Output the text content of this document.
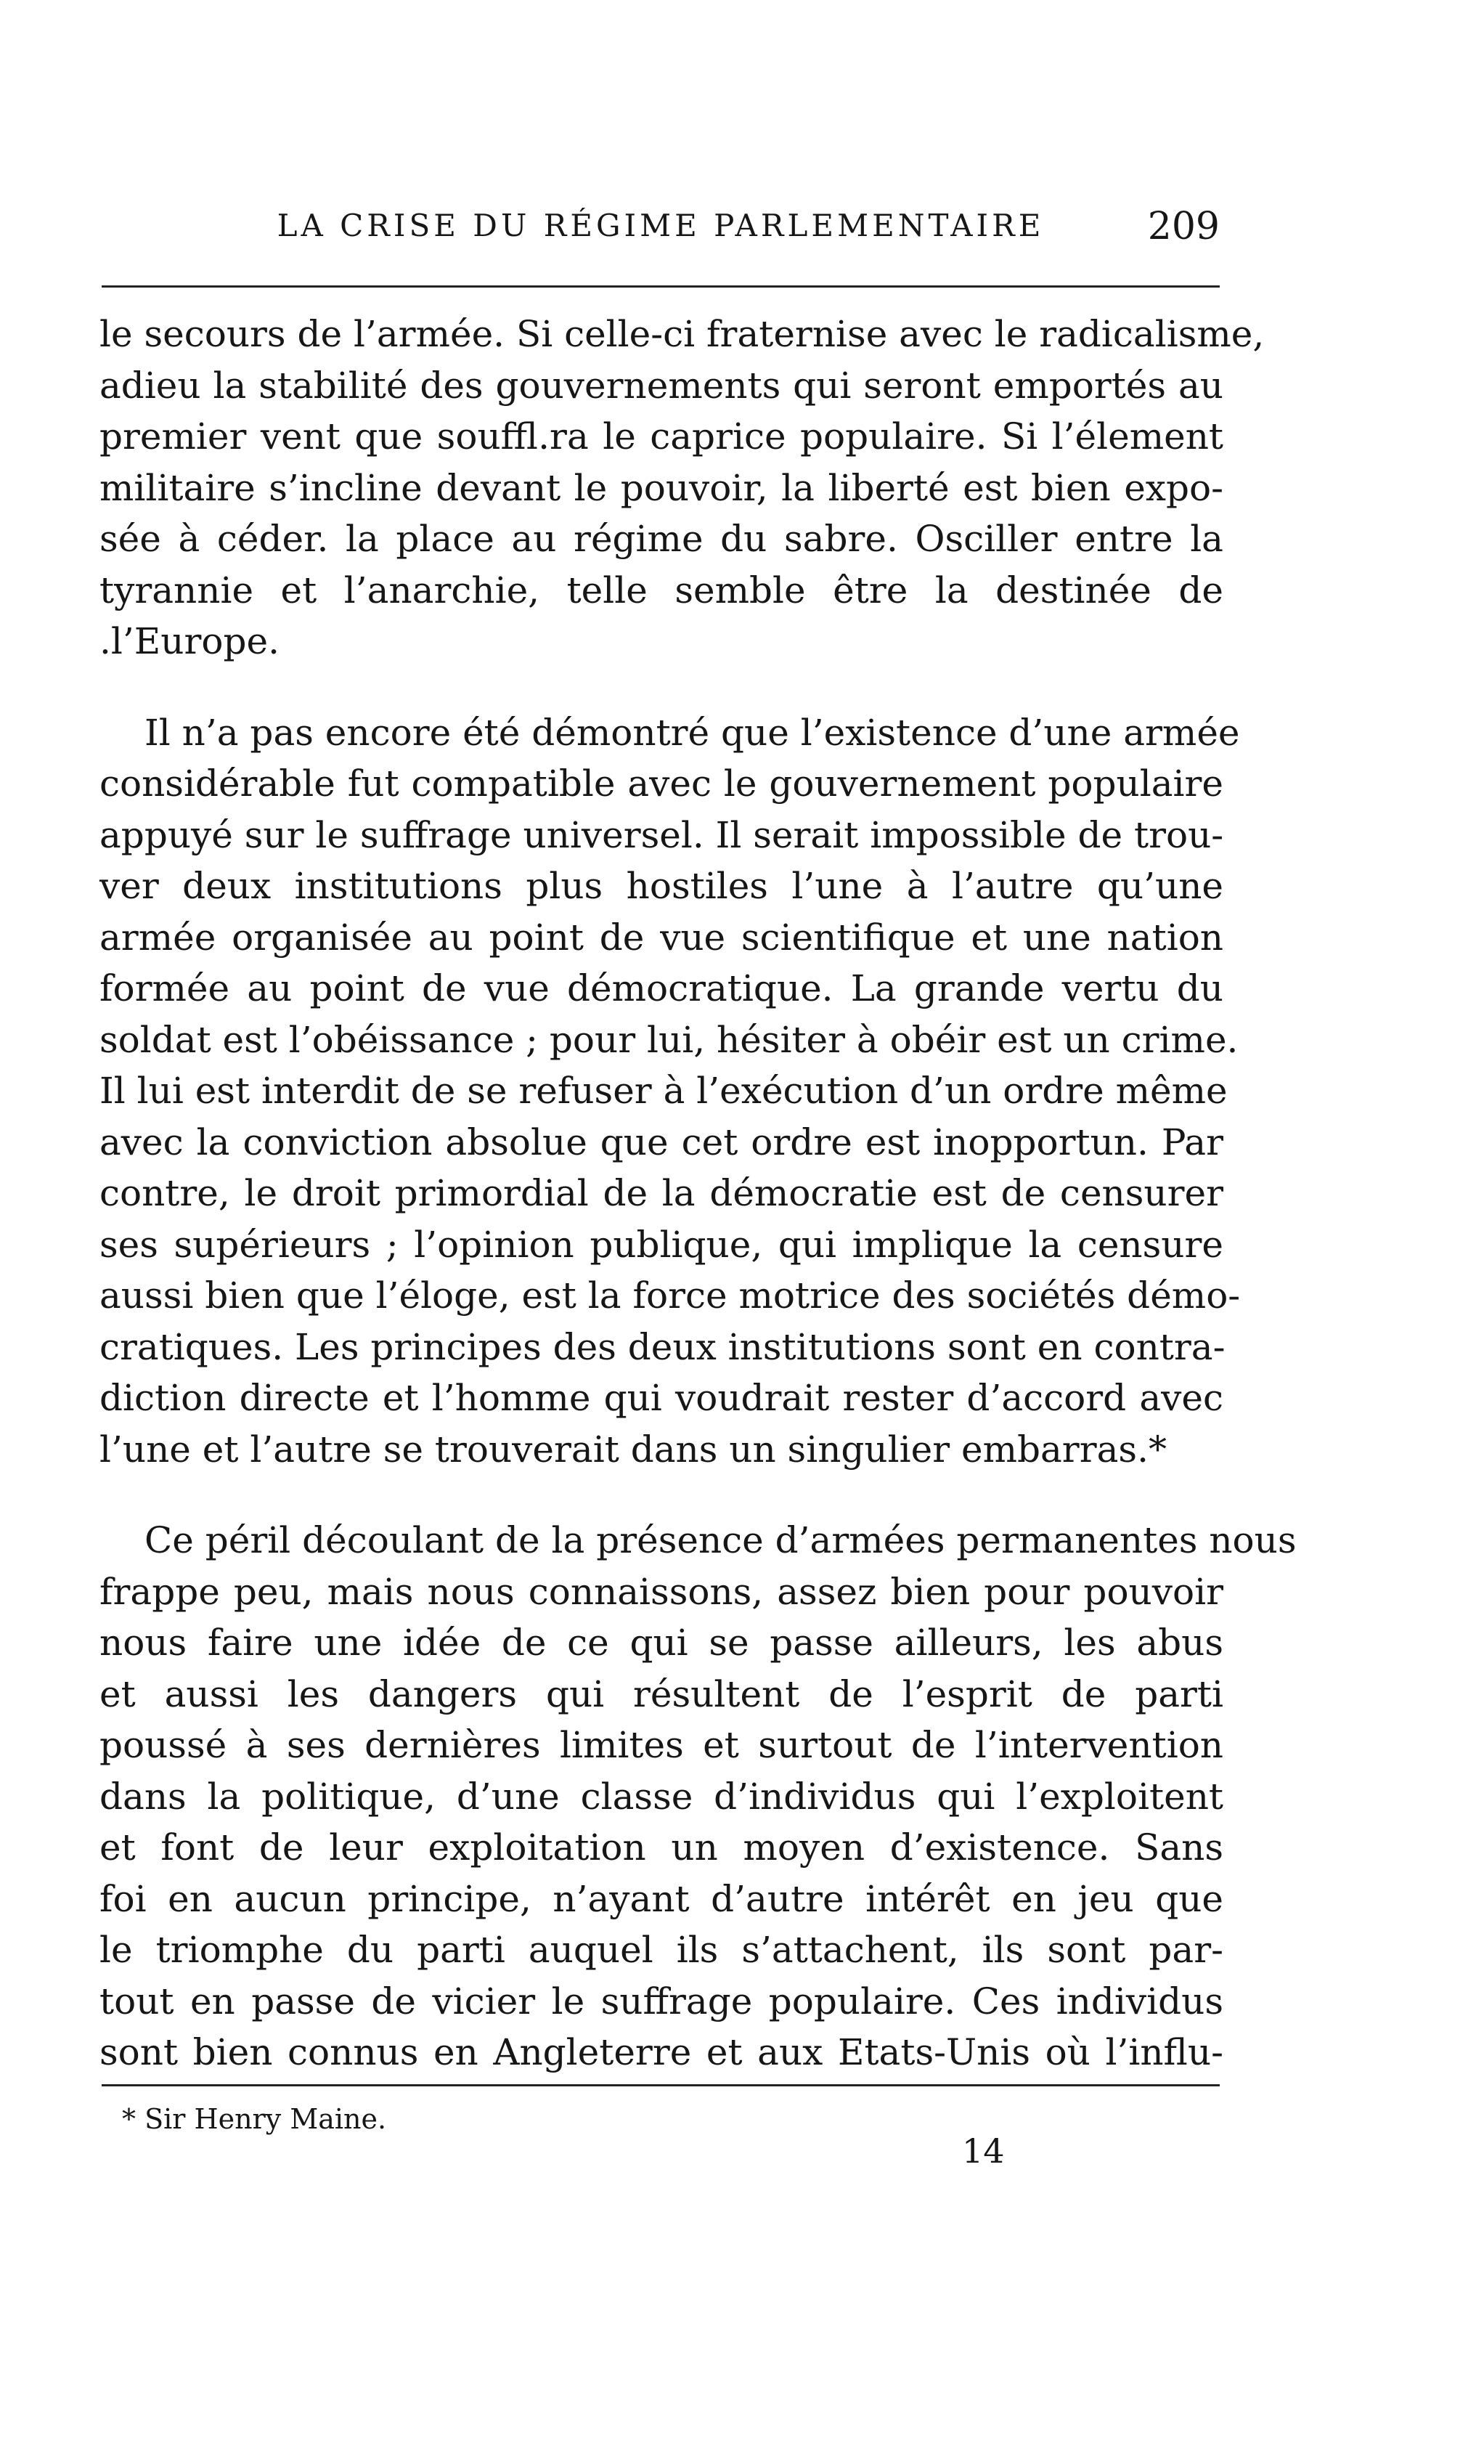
LA CRISE DU RÉGIME PARLEMENTAIRE	209
le secours de l’armée. Si celle-ci fraternise avec le radicalisme,
adieu la stabilité des gouvernements qui seront emportés au
premier vent que souffl.ra le caprice populaire. Si l’élement
militaire s’incline devant le pouvoir, la liberté est bien expo-
sée à céder. la place au régime du sabre. Osciller entre la
tyrannie et l’anarchie, telle semble être la destinée de
.l’Europe.
Il n’a pas encore été démontré que l’existence d’une armée
considérable fut compatible avec le gouvernement populaire
appuyé sur le suffrage universel. Il serait impossible de trou-
ver deux institutions plus hostiles l’une à l’autre qu’une
armée organisée au point de vue scientifique et une nation
formée au point de vue démocratique. La grande vertu du
soldat est l’obéissance ; pour lui, hésiter à obéir est un crime.
Il lui est interdit de se refuser à l’exécution d’un ordre même
avec la conviction absolue que cet ordre est inopportun. Par
contre, le droit primordial de la démocratie est de censurer
ses supérieurs ; l’opinion publique, qui implique la censure
aussi bien que l’éloge, est la force motrice des sociétés démo-
cratiques. Les principes des deux institutions sont en contra-
diction directe et l’homme qui voudrait rester d’accord avec
l’une et l’autre se trouverait dans un singulier embarras.*
Ce péril découlant de la présence d’armées permanentes nous
frappe peu, mais nous connaissons, assez bien pour pouvoir
nous faire une idée de ce qui se passe ailleurs, les abus
et aussi les dangers qui résultent de l’esprit de parti
poussé à ses dernières limites et surtout de l’intervention
dans la politique, d’une classe d’individus qui l’exploitent
et font de leur exploitation un moyen d’existence. Sans
foi en aucun principe, n’ayant d’autre intérêt en jeu que
le triomphe du parti auquel ils s’attachent, ils sont par-
tout en passe de vicier le suffrage populaire. Ces individus
sont bien connus en Angleterre et aux Etats-Unis où l’influ-
* Sir Henry Maine.
14
